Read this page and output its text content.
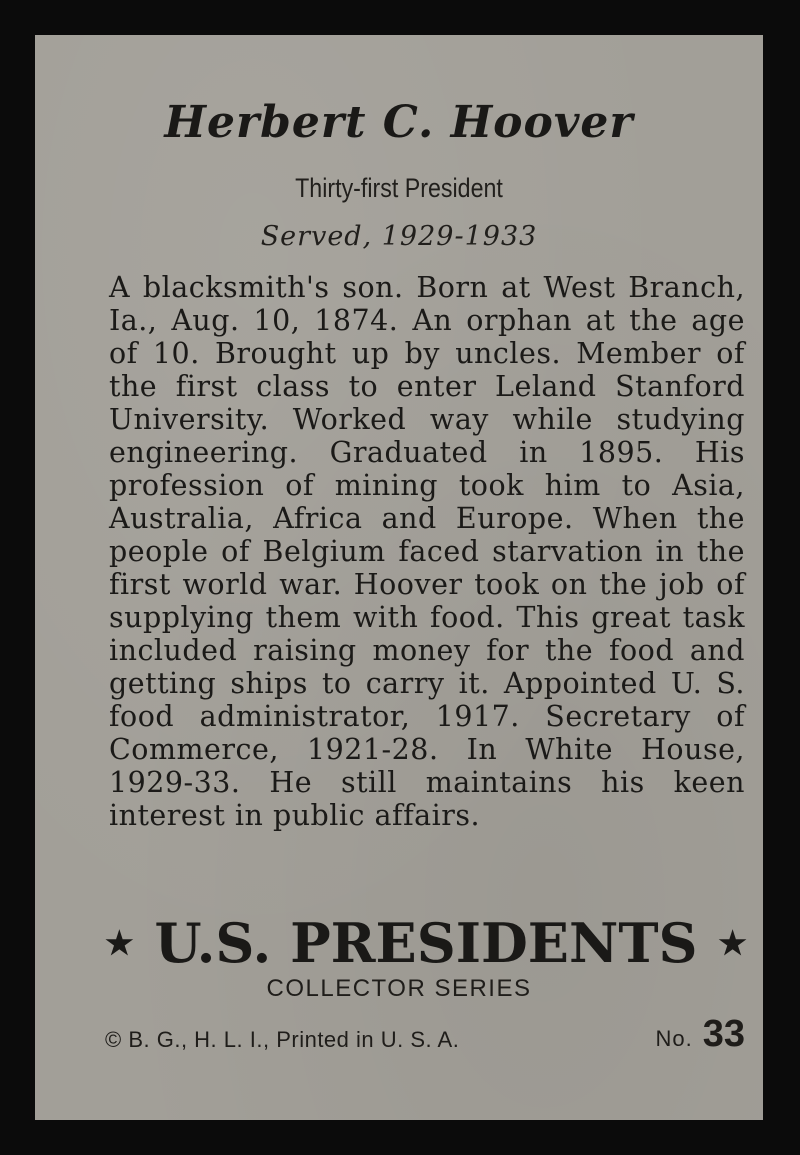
Herbert C. Hoover
Thirty-first President
Served, 1929-1933

A blacksmith's son. Born at West Branch, Ia., Aug. 10, 1874. An orphan at the age of 10. Brought up by uncles. Member of the first class to enter Leland Stanford University. Worked way while studying engineering. Graduated in 1895. His profession of mining took him to Asia, Australia, Africa and Europe. When the people of Belgium faced starvation in the first world war. Hoover took on the job of supplying them with food. This great task included raising money for the food and getting ships to carry it. Appointed U. S. food administrator, 1917. Secretary of Commerce, 1921-28. In White House, 1929-33. He still maintains his keen interest in public affairs.

★ U.S. PRESIDENTS ★
COLLECTOR SERIES
© B. G., H. L. I., Printed in U. S. A.	No. 33
